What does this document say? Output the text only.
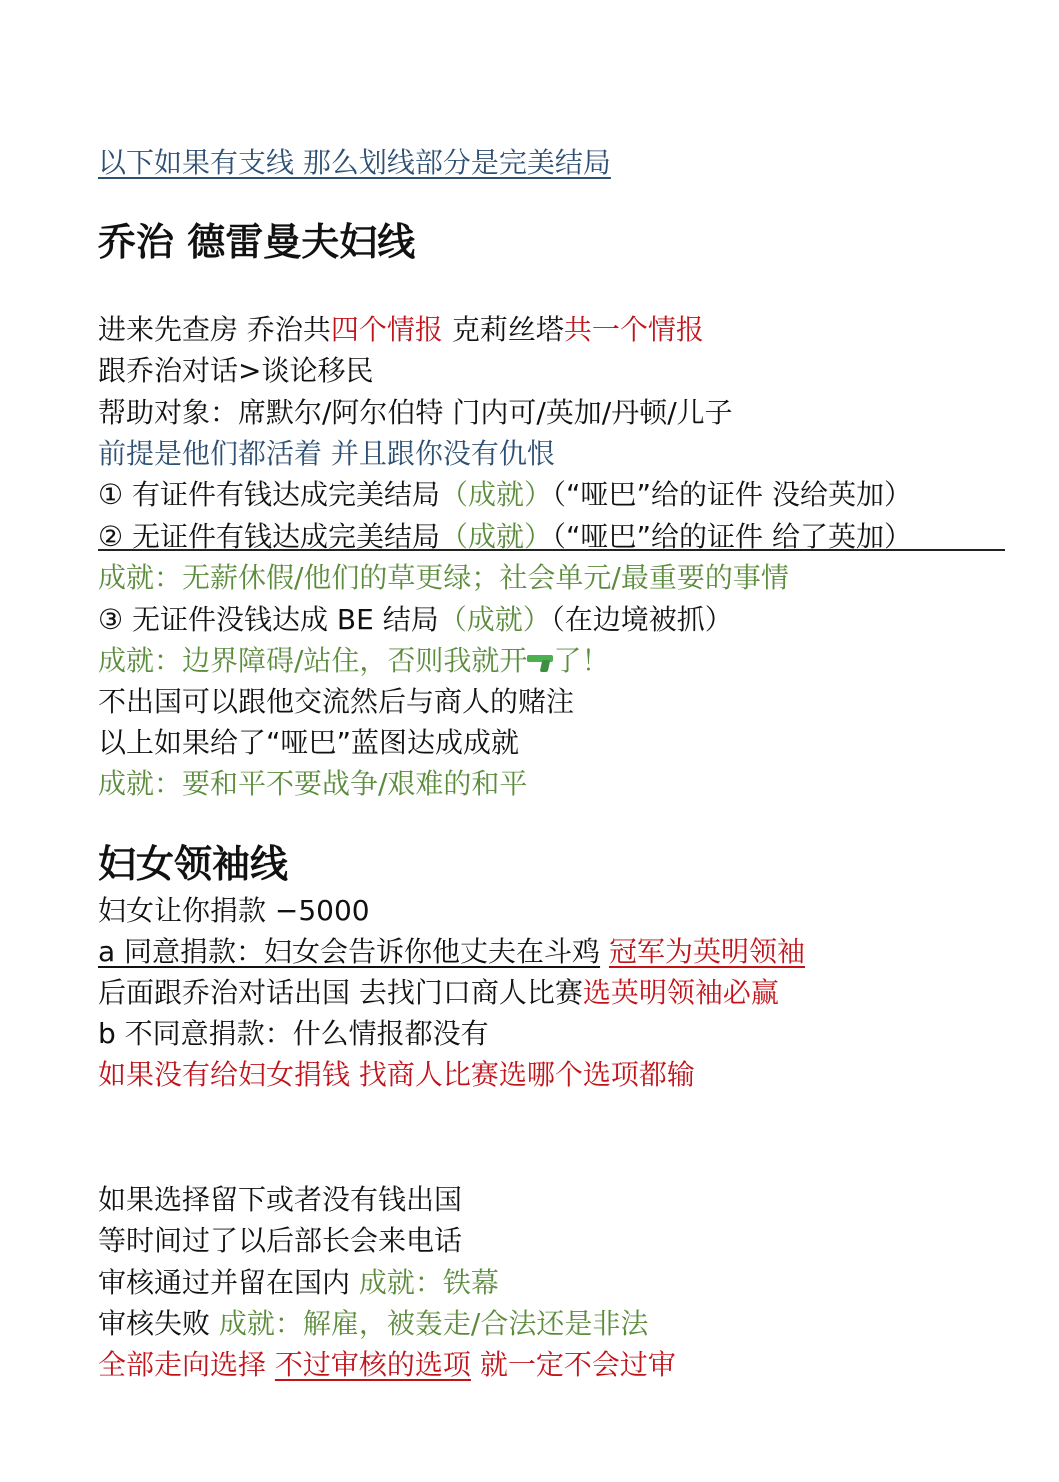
以下如果有支线 那么划线部分是完美结局
乔治 德雷曼夫妇线
进来先查房 乔治共四个情报 克莉丝塔共一个情报
跟乔治对话>谈论移民
帮助对象：席默尔/阿尔伯特 门内可/英加/丹顿/儿子
前提是他们都活着 并且跟你没有仇恨
① 有证件有钱达成完美结局（成就）（“哑巴”给的证件 没给英加）
② 无证件有钱达成完美结局（成就）（“哑巴”给的证件 给了英加）
成就：无薪休假/他们的草更绿；社会单元/最重要的事情
③ 无证件没钱达成 BE 结局（成就）（在边境被抓）
成就：边界障碍/站住，否则我就开 了！
不出国可以跟他交流然后与商人的赌注
以上如果给了“哑巴”蓝图达成成就
成就：要和平不要战争/艰难的和平
妇女领袖线
妇女让你捐款 −5000
a 同意捐款：妇女会告诉你他丈夫在斗鸡 冠军为英明领袖
后面跟乔治对话出国 去找门口商人比赛选英明领袖必赢
b 不同意捐款：什么情报都没有
如果没有给妇女捐钱 找商人比赛选哪个选项都输
如果选择留下或者没有钱出国
等时间过了以后部长会来电话
审核通过并留在国内 成就：铁幕
审核失败 成就：解雇，被轰走/合法还是非法
全部走向选择 不过审核的选项 就一定不会过审
